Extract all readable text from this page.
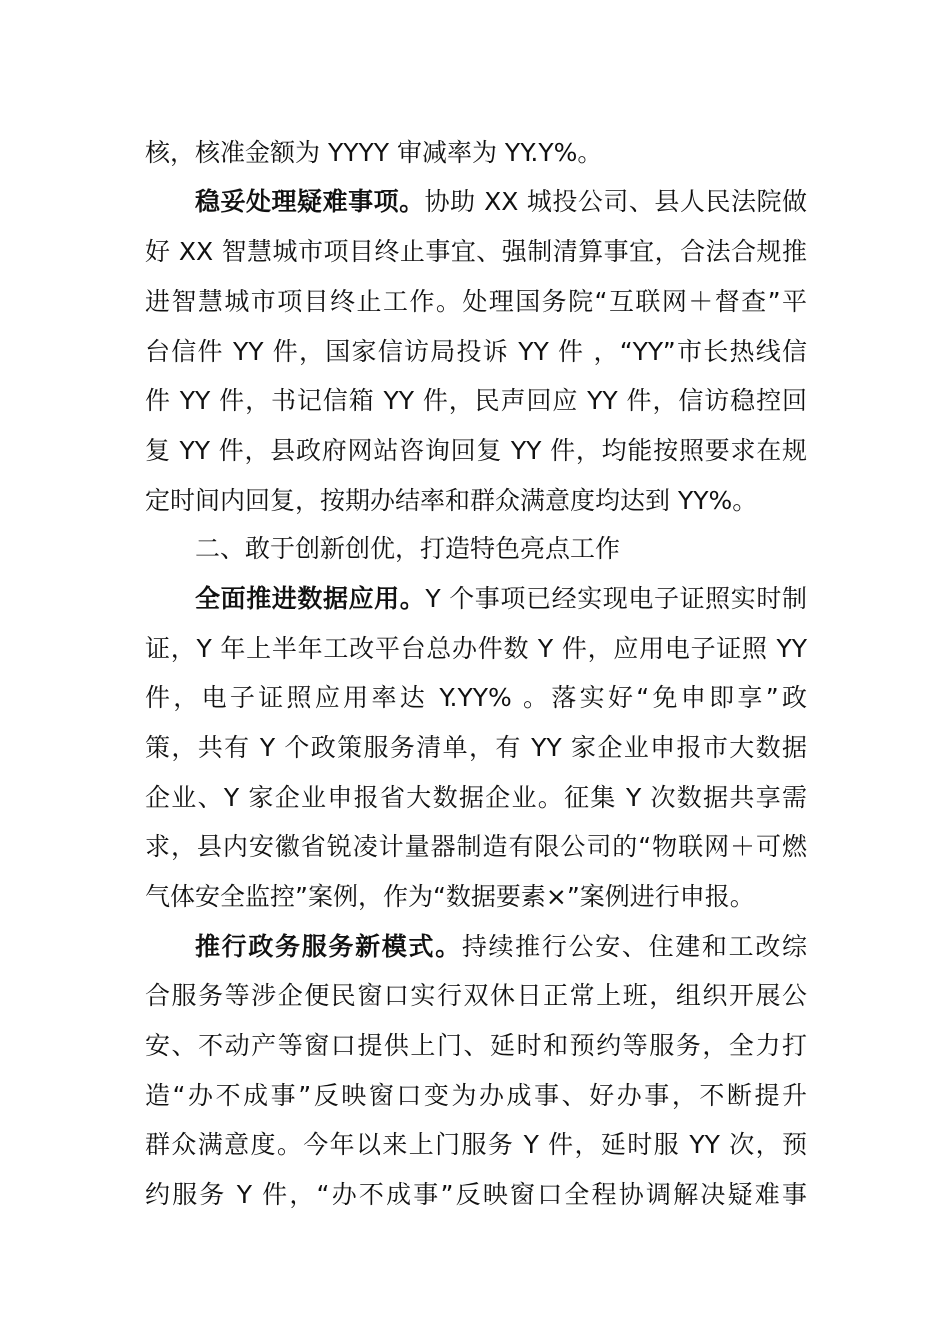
核，核准金额为 YYYY 审减率为 YY.Y%。
稳妥处理疑难事项。协助 XX 城投公司、县人民法院做
好 XX 智慧城市项目终止事宜、强制清算事宜，合法合规推
进智慧城市项目终止工作。处理国务院“互联网＋督查”平
台信件 YY 件，国家信访局投诉 YY 件 ，“YY”市长热线信
件 YY 件，书记信箱 YY 件，民声回应 YY 件，信访稳控回
复 YY 件，县政府网站咨询回复 YY 件，均能按照要求在规
定时间内回复，按期办结率和群众满意度均达到 YY%。
二、敢于创新创优，打造特色亮点工作
全面推进数据应用。Y 个事项已经实现电子证照实时制
证，Y 年上半年工改平台总办件数 Y 件，应用电子证照 YY
件，电子证照应用率达 Y.YY% 。落实好“免申即享”政
策，共有 Y 个政策服务清单，有 YY 家企业申报市大数据
企业、Y 家企业申报省大数据企业。征集 Y 次数据共享需
求，县内安徽省锐凌计量器制造有限公司的“物联网＋可燃
气体安全监控”案例，作为“数据要素×”案例进行申报。
推行政务服务新模式。持续推行公安、住建和工改综
合服务等涉企便民窗口实行双休日正常上班，组织开展公
安、不动产等窗口提供上门、延时和预约等服务，全力打
造“办不成事”反映窗口变为办成事、好办事，不断提升
群众满意度。今年以来上门服务 Y 件，延时服 YY 次，预
约服务 Y 件，“办不成事”反映窗口全程协调解决疑难事
